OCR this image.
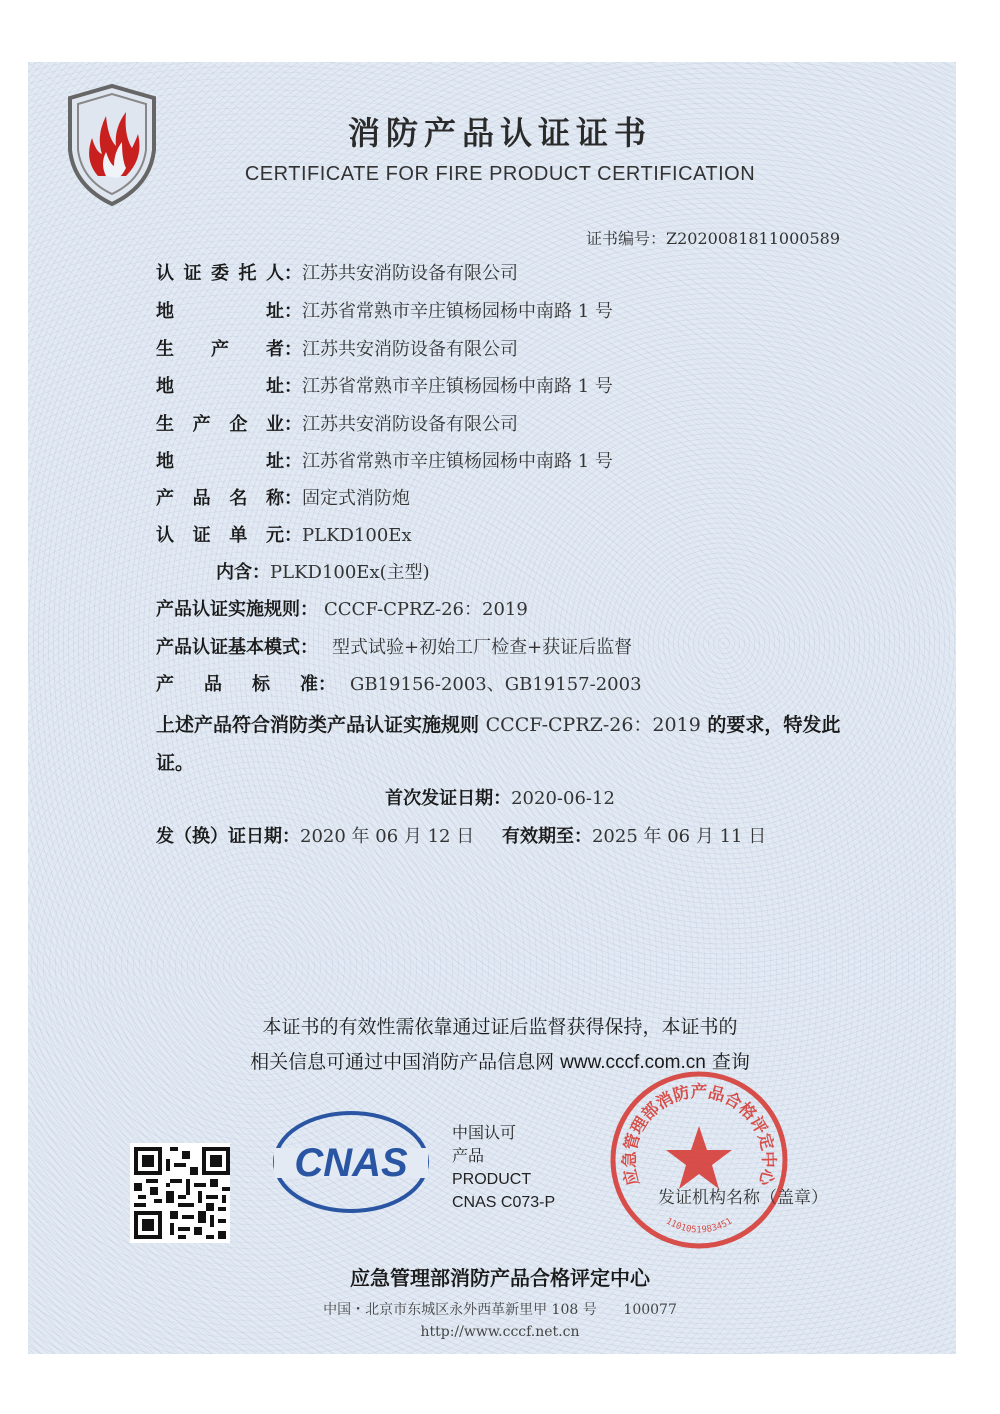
消防产品认证证书
CERTIFICATE FOR FIRE PRODUCT CERTIFICATION
证书编号：Z2020081811000589
认证委托人：江苏共安消防设备有限公司
地址：江苏省常熟市辛庄镇杨园杨中南路 1 号
生产者：江苏共安消防设备有限公司
地址：江苏省常熟市辛庄镇杨园杨中南路 1 号
生产企业：江苏共安消防设备有限公司
地址：江苏省常熟市辛庄镇杨园杨中南路 1 号
产品名称：固定式消防炮
认证单元：PLKD100Ex
内含：PLKD100Ex(主型)
产品认证实施规则： CCCF-CPRZ-26：2019
产品认证基本模式： 型式试验+初始工厂检查+获证后监督
产品标准： GB19156-2003、GB19157-2003
上述产品符合消防类产品认证实施规则 CCCF-CPRZ-26：2019 的要求，特发此证。
首次发证日期：2020-06-12
发（换）证日期：2020 年 06 月 12 日 有效期至：2025 年 06 月 11 日
本证书的有效性需依靠通过证后监督获得保持，本证书的
相关信息可通过中国消防产品信息网 www.cccf.com.cn 查询
CNAS
中国认可
产品
PRODUCT
CNAS C073-P
应急管理部消防产品合格评定中心
1101051983451
发证机构名称（盖章）
应急管理部消防产品合格评定中心
中国・北京市东城区永外西革新里甲 108 号      100077
http://www.cccf.net.cn
